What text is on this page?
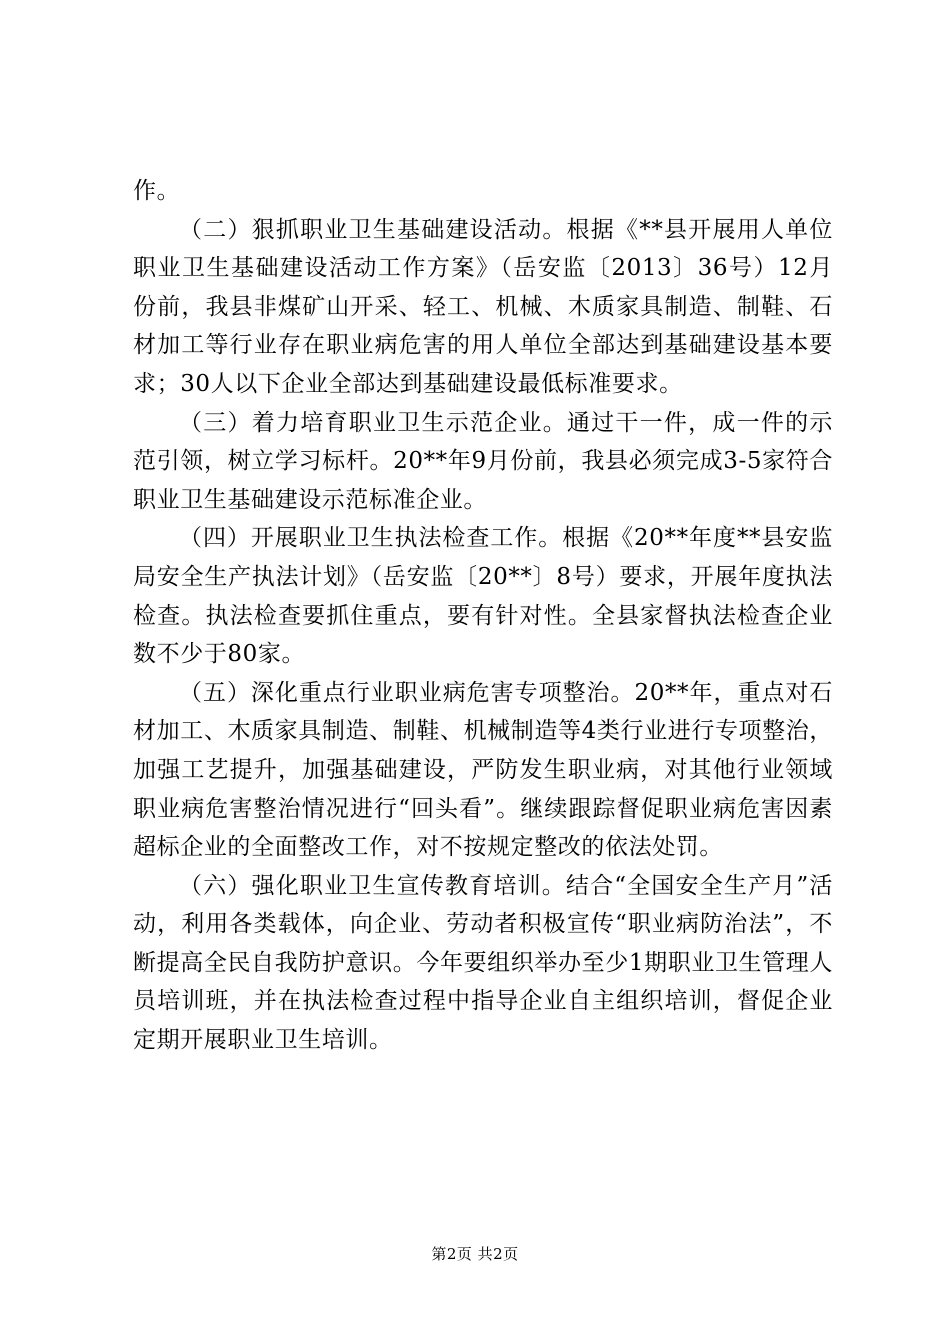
作。

（二）狠抓职业卫生基础建设活动。根据《**县开展用人单位职业卫生基础建设活动工作方案》（岳安监〔2013〕36号）12月份前，我县非煤矿山开采、轻工、机械、木质家具制造、制鞋、石材加工等行业存在职业病危害的用人单位全部达到基础建设基本要求；30人以下企业全部达到基础建设最低标准要求。

（三）着力培育职业卫生示范企业。通过干一件，成一件的示范引领，树立学习标杆。20**年9月份前，我县必须完成3-5家符合职业卫生基础建设示范标准企业。

（四）开展职业卫生执法检查工作。根据《20**年度**县安监局安全生产执法计划》（岳安监〔20**〕8号）要求，开展年度执法检查。执法检查要抓住重点，要有针对性。全县家督执法检查企业数不少于80家。

（五）深化重点行业职业病危害专项整治。20**年，重点对石材加工、木质家具制造、制鞋、机械制造等4类行业进行专项整治，加强工艺提升，加强基础建设，严防发生职业病，对其他行业领域职业病危害整治情况进行“回头看”。继续跟踪督促职业病危害因素超标企业的全面整改工作，对不按规定整改的依法处罚。

（六）强化职业卫生宣传教育培训。结合“全国安全生产月”活动，利用各类载体，向企业、劳动者积极宣传“职业病防治法”，不断提高全民自我防护意识。今年要组织举办至少1期职业卫生管理人员培训班，并在执法检查过程中指导企业自主组织培训，督促企业定期开展职业卫生培训。

第2页 共2页
